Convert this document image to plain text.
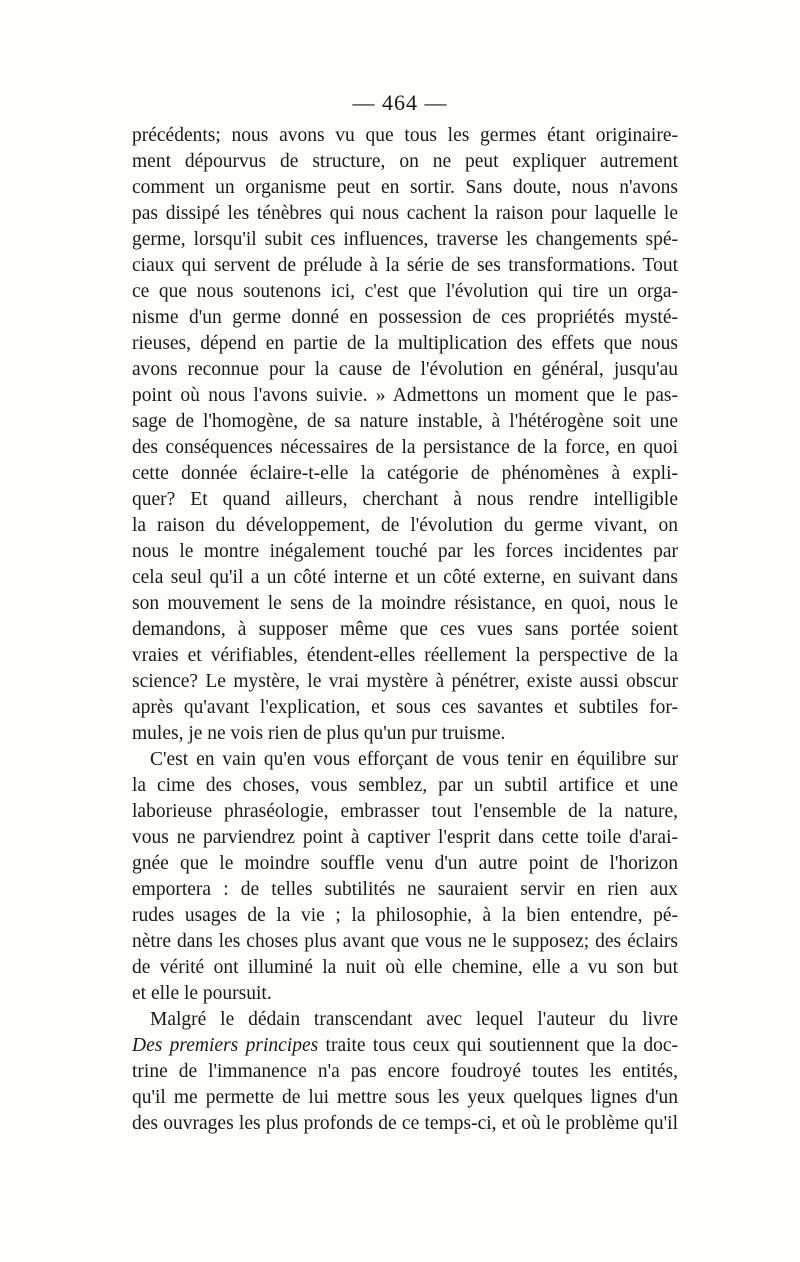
— 464 —
précédents; nous avons vu que tous les germes étant originaire-
ment dépourvus de structure, on ne peut expliquer autrement
comment un organisme peut en sortir. Sans doute, nous n'avons
pas dissipé les ténèbres qui nous cachent la raison pour laquelle le
germe, lorsqu'il subit ces influences, traverse les changements spé-
ciaux qui servent de prélude à la série de ses transformations. Tout
ce que nous soutenons ici, c'est que l'évolution qui tire un orga-
nisme d'un germe donné en possession de ces propriétés mysté-
rieuses, dépend en partie de la multiplication des effets que nous
avons reconnue pour la cause de l'évolution en général, jusqu'au
point où nous l'avons suivie. » Admettons un moment que le pas-
sage de l'homogène, de sa nature instable, à l'hétérogène soit une
des conséquences nécessaires de la persistance de la force, en quoi
cette donnée éclaire-t-elle la catégorie de phénomènes à expli-
quer? Et quand ailleurs, cherchant à nous rendre intelligible
la raison du développement, de l'évolution du germe vivant, on
nous le montre inégalement touché par les forces incidentes par
cela seul qu'il a un côté interne et un côté externe, en suivant dans
son mouvement le sens de la moindre résistance, en quoi, nous le
demandons, à supposer même que ces vues sans portée soient
vraies et vérifiables, étendent-elles réellement la perspective de la
science? Le mystère, le vrai mystère à pénétrer, existe aussi obscur
après qu'avant l'explication, et sous ces savantes et subtiles for-
mules, je ne vois rien de plus qu'un pur truisme.
C'est en vain qu'en vous efforçant de vous tenir en équilibre sur
la cime des choses, vous semblez, par un subtil artifice et une
laborieuse phraséologie, embrasser tout l'ensemble de la nature,
vous ne parviendrez point à captiver l'esprit dans cette toile d'arai-
gnée que le moindre souffle venu d'un autre point de l'horizon
emportera : de telles subtilités ne sauraient servir en rien aux
rudes usages de la vie ; la philosophie, à la bien entendre, pé-
nètre dans les choses plus avant que vous ne le supposez; des éclairs
de vérité ont illuminé la nuit où elle chemine, elle a vu son but
et elle le poursuit.
Malgré le dédain transcendant avec lequel l'auteur du livre
Des premiers principes traite tous ceux qui soutiennent que la doc-
trine de l'immanence n'a pas encore foudroyé toutes les entités,
qu'il me permette de lui mettre sous les yeux quelques lignes d'un
des ouvrages les plus profonds de ce temps-ci, et où le problème qu'il
